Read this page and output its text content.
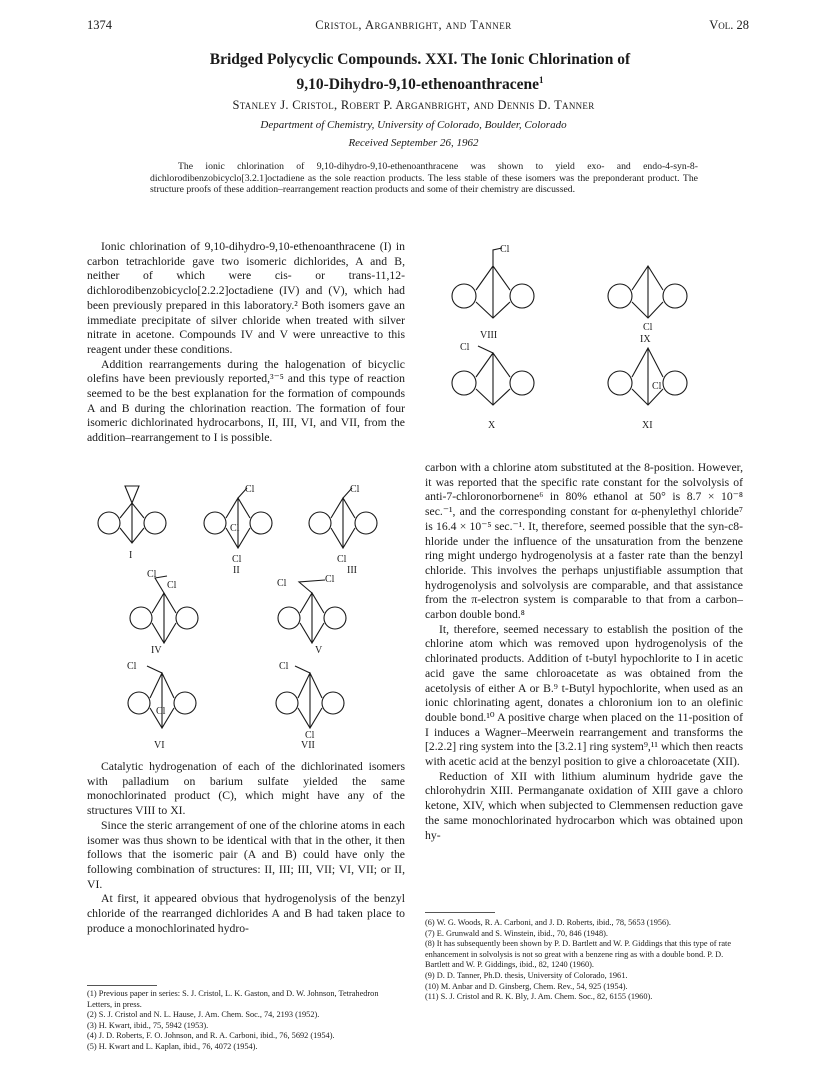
1374	Cristol, Arganbright, and Tanner	Vol. 28
Bridged Polycyclic Compounds. XXI. The Ionic Chlorination of
9,10-Dihydro-9,10-ethenoanthracene$^1$
Stanley J. Cristol, Robert P. Arganbright, and Dennis D. Tanner
Department of Chemistry, University of Colorado, Boulder, Colorado
Received September 26, 1962

The ionic chlorination of 9,10-dihydro-9,10-ethenoanthracene was shown to yield exo- and endo-4-syn-8-dichlorodibenzobicyclo[3.2.1]octadiene as the sole reaction products. The less stable of these isomers was the preponderant product. The structure proofs of these addition–rearrangement reaction products and some of their chemistry are discussed.

Ionic chlorination of 9,10-dihydro-9,10-ethenoanthracene (I) in carbon tetrachloride gave two isomeric dichlorides, A and B, neither of which were cis- or trans-11,12-dichlorodibenzobicyclo[2.2.2]octadiene (IV) and (V), which had been previously prepared in this laboratory.² Both isomers gave an immediate precipitate of silver chloride when treated with silver nitrate in acetone. Compounds IV and V were unreactive to this reagent under these conditions.

Addition rearrangements during the halogenation of bicyclic olefins have been previously reported,³⁻⁵ and this type of reaction seemed to be the best explanation for the formation of compounds A and B during the chlorination reaction. The formation of four isomeric dichlorinated hydrocarbons, II, III, VI, and VII, from the addition–rearrangement to I is possible.

Cl	Cl
Cl
Cl	Cl
I
II	III
Cl
Cl	Cl	Cl
IV	V
Cl
Cl
Cl
Cl
VI	VII

Catalytic hydrogenation of each of the dichlorinated isomers with palladium on barium sulfate yielded the same monochlorinated product (C), which might have any of the structures VIII to XI.

Since the steric arrangement of one of the chlorine atoms in each isomer was thus shown to be identical with that in the other, it then follows that the isomeric pair (A and B) could have only the following combination of structures: II, III; III, VII; VI, VII; or II, VI.

At first, it appeared obvious that hydrogenolysis of the benzyl chloride of the rearranged dichlorides A and B had taken place to produce a monochlorinated hydro-

(1) Previous paper in series: S. J. Cristol, L. K. Gaston, and D. W. Johnson, Tetrahedron Letters, in press.
(2) S. J. Cristol and N. L. Hause, J. Am. Chem. Soc., 74, 2193 (1952).
(3) H. Kwart, ibid., 75, 5942 (1953).
(4) J. D. Roberts, F. O. Johnson, and R. A. Carboni, ibid., 76, 5692 (1954).
(5) H. Kwart and L. Kaplan, ibid., 76, 4072 (1954).
Cl
VIII
Cl
IX
Cl
X
Cl
XI

carbon with a chlorine atom substituted at the 8-position. However, it was reported that the specific rate constant for the solvolysis of anti-7-chloronorbornene⁶ in 80% ethanol at 50° is 8.7 × 10⁻⁸ sec.⁻¹, and the corresponding constant for α-phenylethyl chloride⁷ is 16.4 × 10⁻⁵ sec.⁻¹. It, therefore, seemed possible that the syn-c8-hloride under the influence of the unsaturation from the benzene ring might undergo hydrogenolysis at a faster rate than the benzyl chloride. This involves the perhaps unjustifiable assumption that hydrogenolysis and solvolysis are comparable, and that assistance from the π-electron system is comparable to that from a carbon–carbon double bond.⁸

It, therefore, seemed necessary to establish the position of the chlorine atom which was removed upon hydrogenolysis of the chlorinated products. Addition of t-butyl hypochlorite to I in acetic acid gave the same chloroacetate as was obtained from the acetolysis of either A or B.⁹ t-Butyl hypochlorite, when used as an ionic chlorinating agent, donates a chloronium ion to an olefinic double bond.¹⁰ A positive charge when placed on the 11-position of I induces a Wagner–Meerwein rearrangement and transforms the [2.2.2] ring system into the [3.2.1] ring system⁹,¹¹ which then reacts with acetic acid at the benzyl position to give a chloroacetate (XII).

Reduction of XII with lithium aluminum hydride gave the chlorohydrin XIII. Permanganate oxidation of XIII gave a chloro ketone, XIV, which when subjected to Clemmensen reduction gave the same monochlorinated hydrocarbon which was obtained upon hy-

(6) W. G. Woods, R. A. Carboni, and J. D. Roberts, ibid., 78, 5653 (1956).
(7) E. Grunwald and S. Winstein, ibid., 70, 846 (1948).
(8) It has subsequently been shown by P. D. Bartlett and W. P. Giddings that this type of rate enhancement in solvolysis is not so great with a benzene ring as with a double bond. P. D. Bartlett and W. P. Giddings, ibid., 82, 1240 (1960).
(9) D. D. Tanner, Ph.D. thesis, University of Colorado, 1961.
(10) M. Anbar and D. Ginsberg, Chem. Rev., 54, 925 (1954).
(11) S. J. Cristol and R. K. Bly, J. Am. Chem. Soc., 82, 6155 (1960).
